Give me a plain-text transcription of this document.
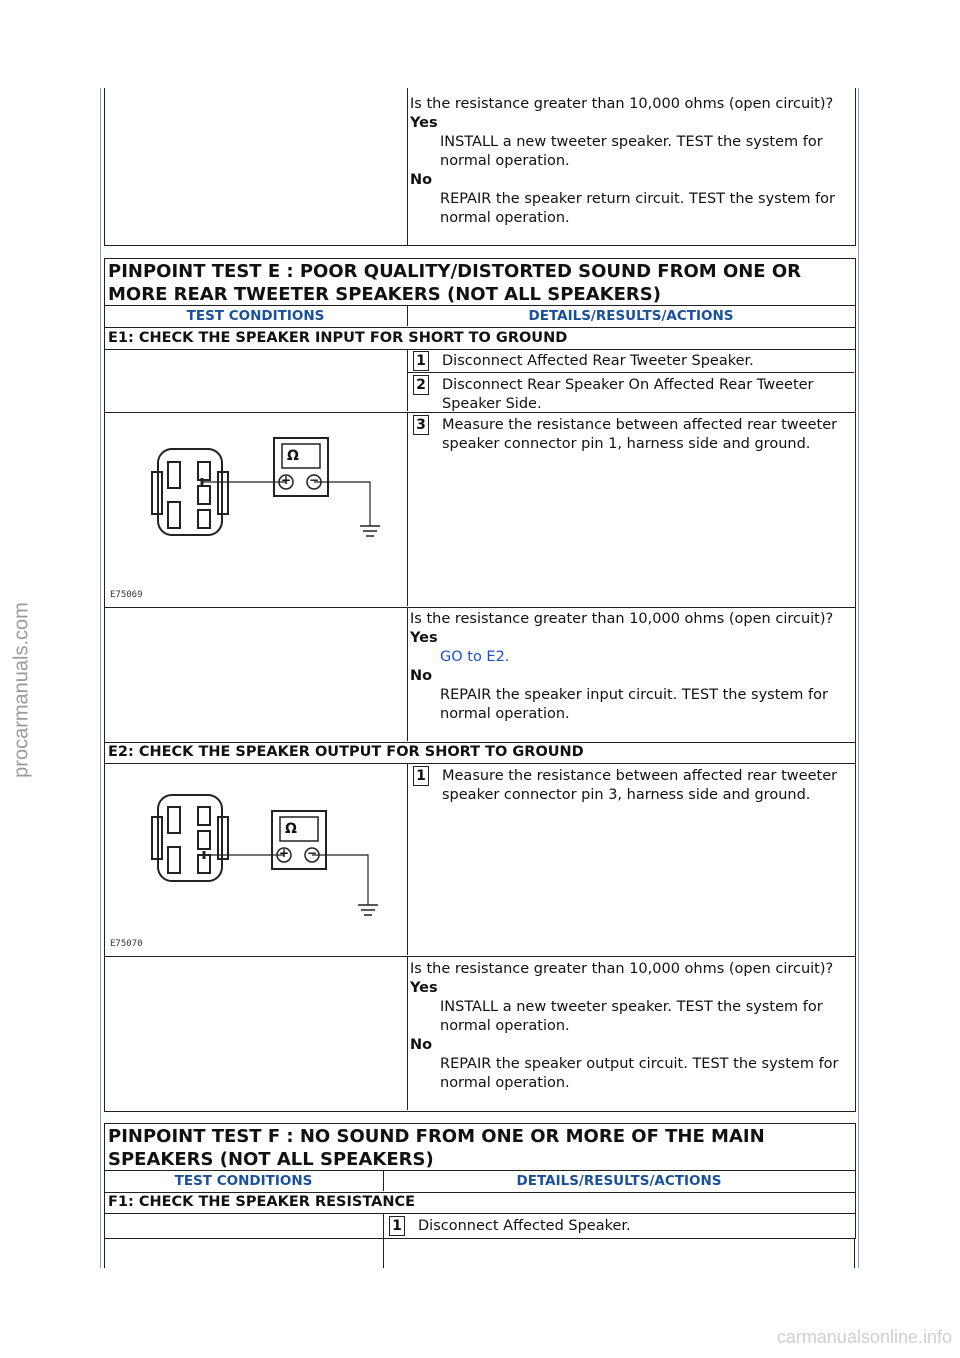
procarmanuals.com
carmanualsonline.info
Is the resistance greater than 10,000 ohms (open circuit)?
Yes
INSTALL a new tweeter speaker. TEST the system for normal operation.
No
REPAIR the speaker return circuit. TEST the system for normal operation.
PINPOINT TEST E : POOR QUALITY/DISTORTED SOUND FROM ONE OR MORE REAR TWEETER SPEAKERS (NOT ALL SPEAKERS)
TEST CONDITIONS	DETAILS/RESULTS/ACTIONS
E1: CHECK THE SPEAKER INPUT FOR SHORT TO GROUND
1 Disconnect Affected Rear Tweeter Speaker.
2 Disconnect Rear Speaker On Affected Rear Tweeter Speaker Side.
3 Measure the resistance between affected rear tweeter speaker connector pin 1, harness side and ground.
Ω
+ −
E75069
Is the resistance greater than 10,000 ohms (open circuit)?
Yes
GO to E2.
No
REPAIR the speaker input circuit. TEST the system for normal operation.
E2: CHECK THE SPEAKER OUTPUT FOR SHORT TO GROUND
1 Measure the resistance between affected rear tweeter speaker connector pin 3, harness side and ground.
Ω
+ −
E75070
Is the resistance greater than 10,000 ohms (open circuit)?
Yes
INSTALL a new tweeter speaker. TEST the system for normal operation.
No
REPAIR the speaker output circuit. TEST the system for normal operation.
PINPOINT TEST F : NO SOUND FROM ONE OR MORE OF THE MAIN SPEAKERS (NOT ALL SPEAKERS)
TEST CONDITIONS	DETAILS/RESULTS/ACTIONS
F1: CHECK THE SPEAKER RESISTANCE
1 Disconnect Affected Speaker.
